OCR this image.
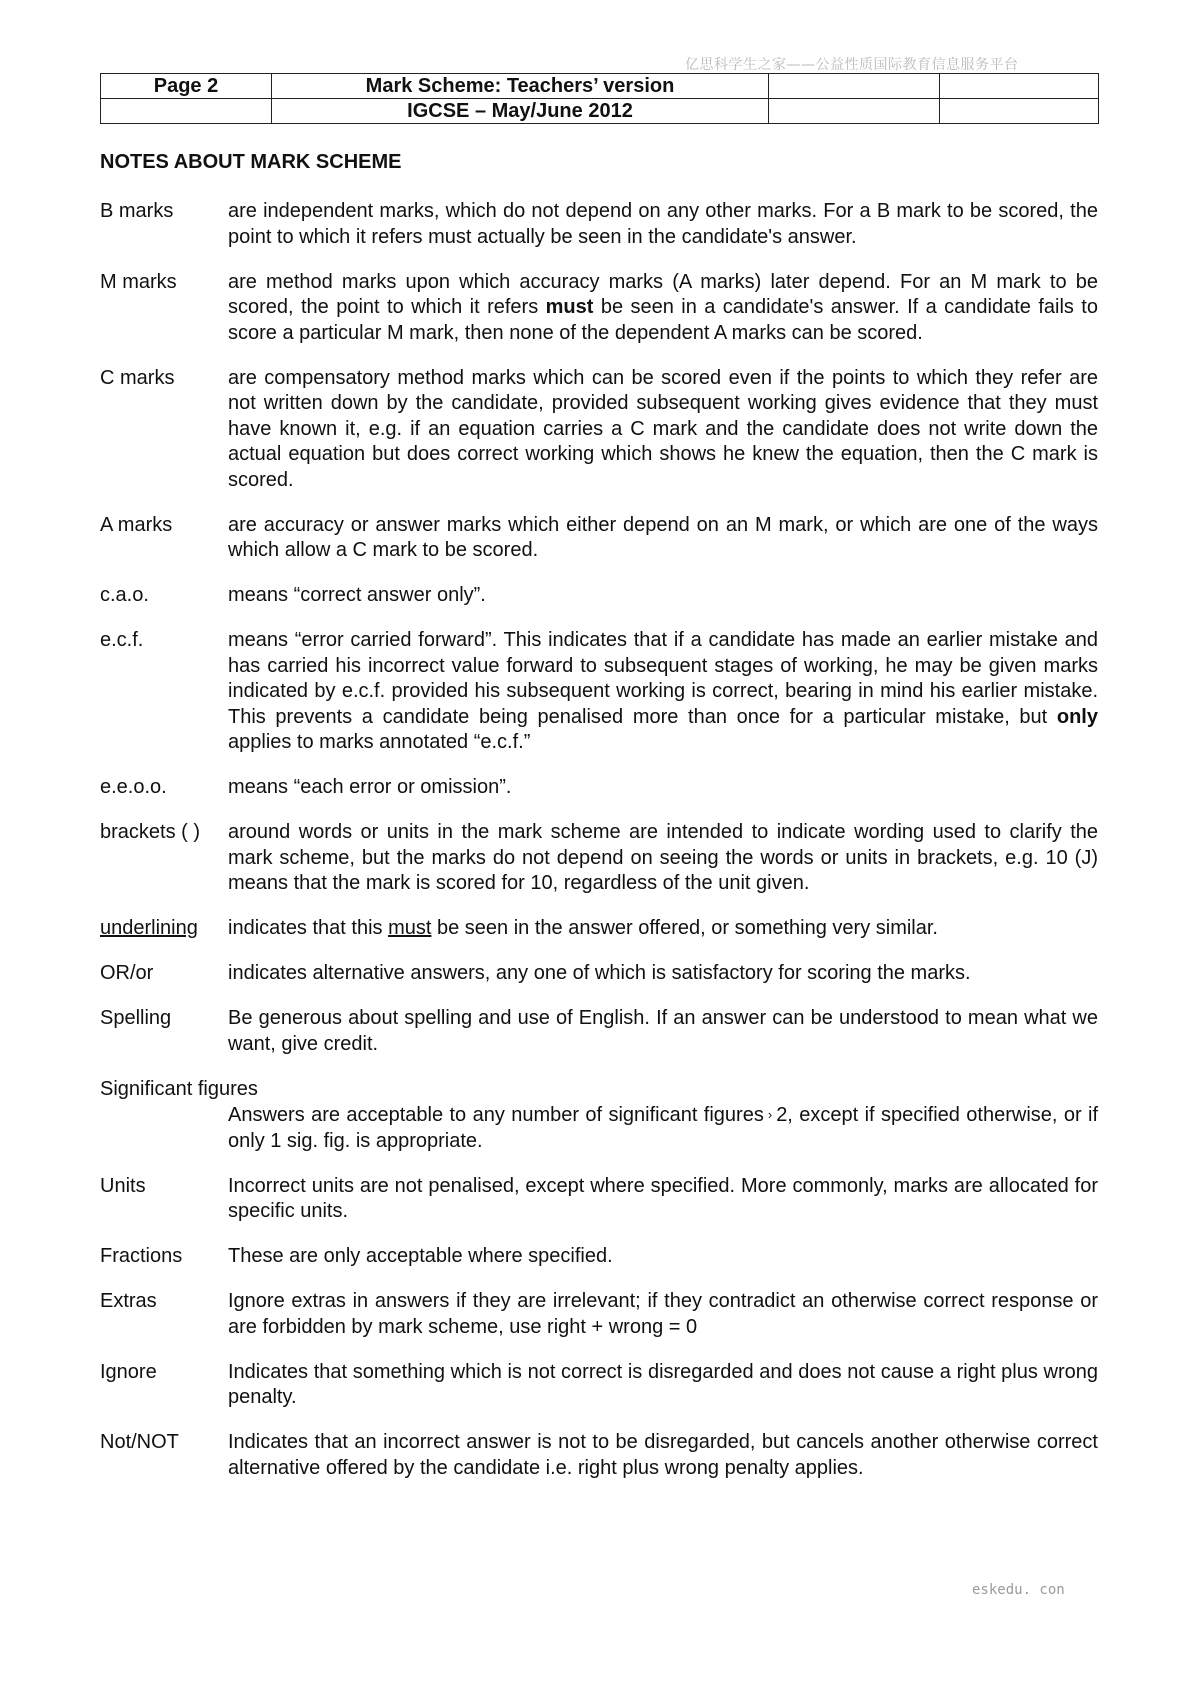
亿思科学生之家——公益性质国际教育信息服务平台
Page 2	Mark Scheme: Teachers’ version		
	IGCSE – May/June 2012		
NOTES ABOUT MARK SCHEME
B marks	are independent marks, which do not depend on any other marks. For a B mark to be scored, the point to which it refers must actually be seen in the candidate's answer.
M marks	are method marks upon which accuracy marks (A marks) later depend. For an M mark to be scored, the point to which it refers must be seen in a candidate's answer. If a candidate fails to score a particular M mark, then none of the dependent A marks can be scored.
C marks	are compensatory method marks which can be scored even if the points to which they refer are not written down by the candidate, provided subsequent working gives evidence that they must have known it, e.g. if an equation carries a C mark and the candidate does not write down the actual equation but does correct working which shows he knew the equation, then the C mark is scored.
A marks	are accuracy or answer marks which either depend on an M mark, or which are one of the ways which allow a C mark to be scored.
c.a.o.	means “correct answer only”.
e.c.f.	means “error carried forward”. This indicates that if a candidate has made an earlier mistake and has carried his incorrect value forward to subsequent stages of working, he may be given marks indicated by e.c.f. provided his subsequent working is correct, bearing in mind his earlier mistake. This prevents a candidate being penalised more than once for a particular mistake, but only applies to marks annotated “e.c.f.”
e.e.o.o.	means “each error or omission”.
brackets ( )	around words or units in the mark scheme are intended to indicate wording used to clarify the mark scheme, but the marks do not depend on seeing the words or units in brackets, e.g. 10 (J) means that the mark is scored for 10, regardless of the unit given.
underlining	indicates that this must be seen in the answer offered, or something very similar.
OR/or	indicates alternative answers, any one of which is satisfactory for scoring the marks.
Spelling	Be generous about spelling and use of English. If an answer can be understood to mean what we want, give credit.
Significant figures
Answers are acceptable to any number of significant figures › 2, except if specified otherwise, or if only 1 sig. fig. is appropriate.
Units	Incorrect units are not penalised, except where specified. More commonly, marks are allocated for specific units.
Fractions	These are only acceptable where specified.
Extras	Ignore extras in answers if they are irrelevant; if they contradict an otherwise correct response or are forbidden by mark scheme, use right + wrong = 0
Ignore	Indicates that something which is not correct is disregarded and does not cause a right plus wrong penalty.
Not/NOT	Indicates that an incorrect answer is not to be disregarded, but cancels another otherwise correct alternative offered by the candidate i.e. right plus wrong penalty applies.
eskedu. con
